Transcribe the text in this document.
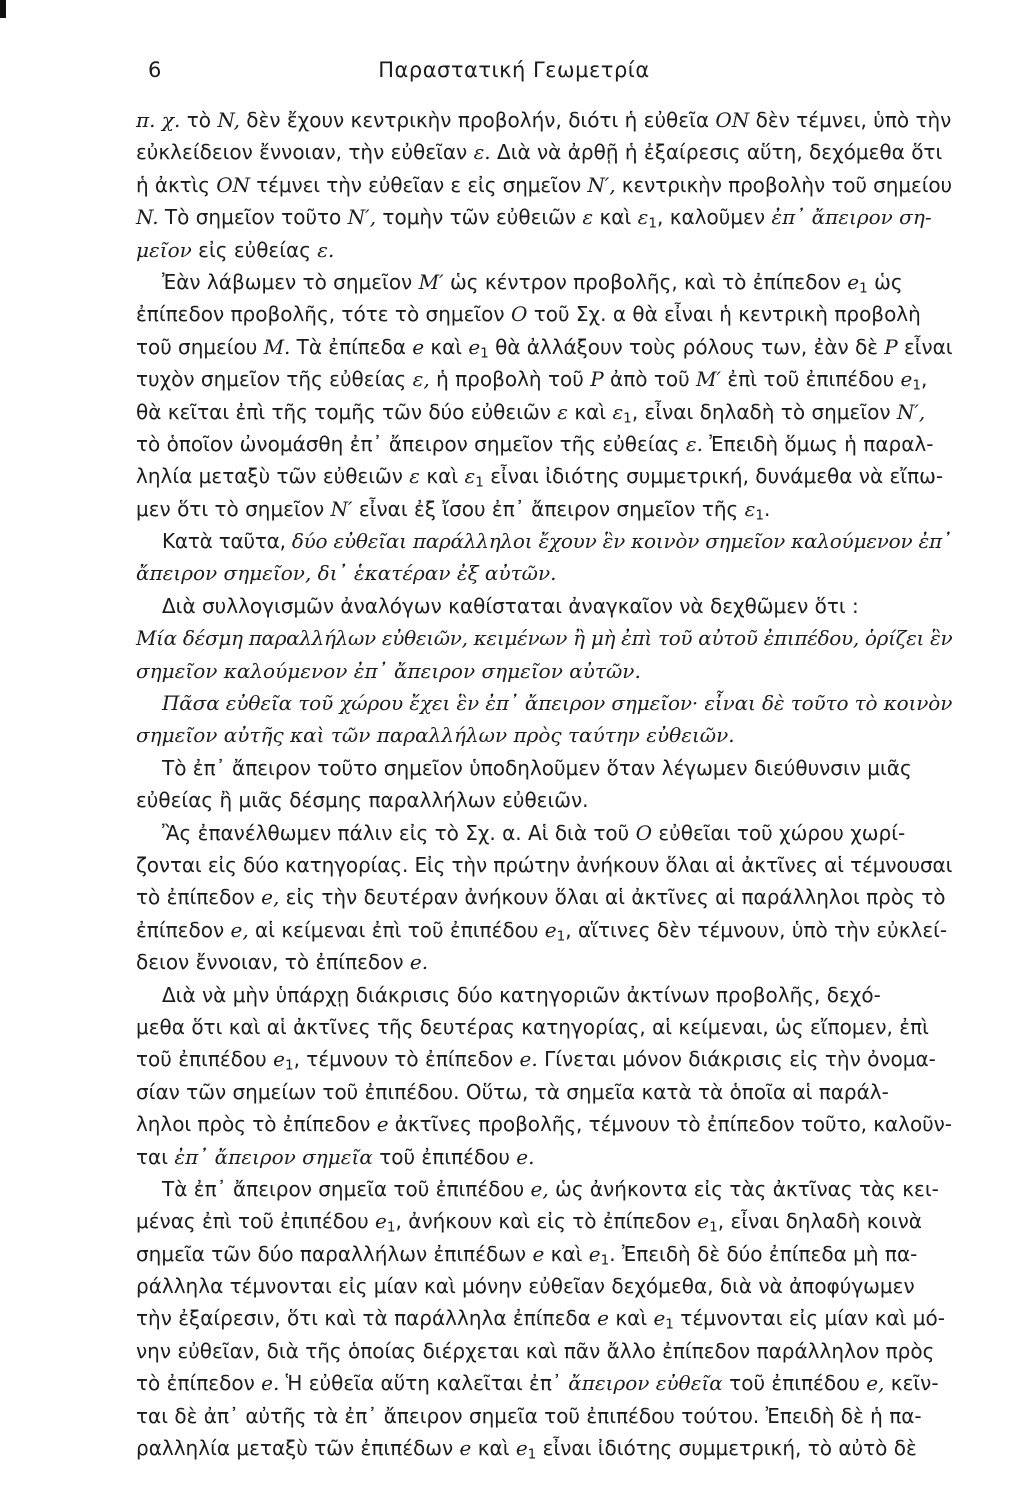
6	Παραστατική Γεωμετρία
π. χ. τὸ N, δὲν ἔχουν κεντρικὴν προβολήν, διότι ἡ εὐθεῖα ON δὲν τέμνει, ὑπὸ τὴν
εὐκλείδειον ἔννοιαν, τὴν εὐθεῖαν ε. Διὰ νὰ ἀρθῇ ἡ ἐξαίρεσις αὕτη, δεχόμεθα ὅτι
ἡ ἀκτὶς ON τέμνει τὴν εὐθεῖαν ε εἰς σημεῖον N′, κεντρικὴν προβολὴν τοῦ σημείου
N. Τὸ σημεῖον τοῦτο N′, τομὴν τῶν εὐθειῶν ε καὶ $\varepsilon_1$, καλοῦμεν ἐπ᾽ ἄπειρον ση-
μεῖον εἰς εὐθείας ε.
Ἐὰν λάβωμεν τὸ σημεῖον M′ ὡς κέντρον προβολῆς, καὶ τὸ ἐπίπεδον $e_1$ ὡς
ἐπίπεδον προβολῆς, τότε τὸ σημεῖον O τοῦ Σχ. α θὰ εἶναι ἡ κεντρικὴ προβολὴ
τοῦ σημείου M. Τὰ ἐπίπεδα e καὶ $e_1$ θὰ ἀλλάξουν τοὺς ρόλους των, ἐὰν δὲ P εἶναι
τυχὸν σημεῖον τῆς εὐθείας ε, ἡ προβολὴ τοῦ P ἀπὸ τοῦ M′ ἐπὶ τοῦ ἐπιπέδου $e_1$,
θὰ κεῖται ἐπὶ τῆς τομῆς τῶν δύο εὐθειῶν ε καὶ $\varepsilon_1$, εἶναι δηλαδὴ τὸ σημεῖον N′,
τὸ ὁποῖον ὠνομάσθη ἐπ᾽ ἄπειρον σημεῖον τῆς εὐθείας ε. Ἐπειδὴ ὅμως ἡ παραλ-
ληλία μεταξὺ τῶν εὐθειῶν ε καὶ $\varepsilon_1$ εἶναι ἰδιότης συμμετρική, δυνάμεθα νὰ εἴπω-
μεν ὅτι τὸ σημεῖον N′ εἶναι ἐξ ἴσου ἐπ᾽ ἄπειρον σημεῖον τῆς $\varepsilon_1$.
Κατὰ ταῦτα, δύο εὐθεῖαι παράλληλοι ἔχουν ἓν κοινὸν σημεῖον καλούμενον ἐπ᾽
ἄπειρον σημεῖον, δι᾽ ἑκατέραν ἐξ αὐτῶν.
Διὰ συλλογισμῶν ἀναλόγων καθίσταται ἀναγκαῖον νὰ δεχθῶμεν ὅτι :
Μία δέσμη παραλλήλων εὐθειῶν, κειμένων ἢ μὴ ἐπὶ τοῦ αὐτοῦ ἐπιπέδου, ὁρίζει ἓν
σημεῖον καλούμενον ἐπ᾽ ἄπειρον σημεῖον αὐτῶν.
Πᾶσα εὐθεῖα τοῦ χώρου ἔχει ἓν ἐπ᾽ ἄπειρον σημεῖον· εἶναι δὲ τοῦτο τὸ κοινὸν
σημεῖον αὐτῆς καὶ τῶν παραλλήλων πρὸς ταύτην εὐθειῶν.
Τὸ ἐπ᾽ ἄπειρον τοῦτο σημεῖον ὑποδηλοῦμεν ὅταν λέγωμεν διεύθυνσιν μιᾶς
εὐθείας ἢ μιᾶς δέσμης παραλλήλων εὐθειῶν.
Ἂς ἐπανέλθωμεν πάλιν εἰς τὸ Σχ. α. Αἱ διὰ τοῦ O εὐθεῖαι τοῦ χώρου χωρί-
ζονται εἰς δύο κατηγορίας. Εἰς τὴν πρώτην ἀνήκουν ὅλαι αἱ ἀκτῖνες αἱ τέμνουσαι
τὸ ἐπίπεδον e, εἰς τὴν δευτέραν ἀνήκουν ὅλαι αἱ ἀκτῖνες αἱ παράλληλοι πρὸς τὸ
ἐπίπεδον e, αἱ κείμεναι ἐπὶ τοῦ ἐπιπέδου $e_1$, αἵτινες δὲν τέμνουν, ὑπὸ τὴν εὐκλεί-
δειον ἔννοιαν, τὸ ἐπίπεδον e.
Διὰ νὰ μὴν ὑπάρχῃ διάκρισις δύο κατηγοριῶν ἀκτίνων προβολῆς, δεχό-
μεθα ὅτι καὶ αἱ ἀκτῖνες τῆς δευτέρας κατηγορίας, αἱ κείμεναι, ὡς εἴπομεν, ἐπὶ
τοῦ ἐπιπέδου $e_1$, τέμνουν τὸ ἐπίπεδον e. Γίνεται μόνον διάκρισις εἰς τὴν ὀνομα-
σίαν τῶν σημείων τοῦ ἐπιπέδου. Οὕτω, τὰ σημεῖα κατὰ τὰ ὁποῖα αἱ παράλ-
ληλοι πρὸς τὸ ἐπίπεδον e ἀκτῖνες προβολῆς, τέμνουν τὸ ἐπίπεδον τοῦτο, καλοῦν-
ται ἐπ᾽ ἄπειρον σημεῖα τοῦ ἐπιπέδου e.
Τὰ ἐπ᾽ ἄπειρον σημεῖα τοῦ ἐπιπέδου e, ὡς ἀνήκοντα εἰς τὰς ἀκτῖνας τὰς κει-
μένας ἐπὶ τοῦ ἐπιπέδου $e_1$, ἀνήκουν καὶ εἰς τὸ ἐπίπεδον $e_1$, εἶναι δηλαδὴ κοινὰ
σημεῖα τῶν δύο παραλλήλων ἐπιπέδων e καὶ $e_1$. Ἐπειδὴ δὲ δύο ἐπίπεδα μὴ πα-
ράλληλα τέμνονται εἰς μίαν καὶ μόνην εὐθεῖαν δεχόμεθα, διὰ νὰ ἀποφύγωμεν
τὴν ἐξαίρεσιν, ὅτι καὶ τὰ παράλληλα ἐπίπεδα e καὶ $e_1$ τέμνονται εἰς μίαν καὶ μό-
νην εὐθεῖαν, διὰ τῆς ὁποίας διέρχεται καὶ πᾶν ἄλλο ἐπίπεδον παράλληλον πρὸς
τὸ ἐπίπεδον e. Ἡ εὐθεῖα αὕτη καλεῖται ἐπ᾽ ἄπειρον εὐθεῖα τοῦ ἐπιπέδου e, κεῖν-
ται δὲ ἀπ᾽ αὐτῆς τὰ ἐπ᾽ ἄπειρον σημεῖα τοῦ ἐπιπέδου τούτου. Ἐπειδὴ δὲ ἡ πα-
ραλληλία μεταξὺ τῶν ἐπιπέδων e καὶ $e_1$ εἶναι ἰδιότης συμμετρική, τὸ αὐτὸ δὲ
